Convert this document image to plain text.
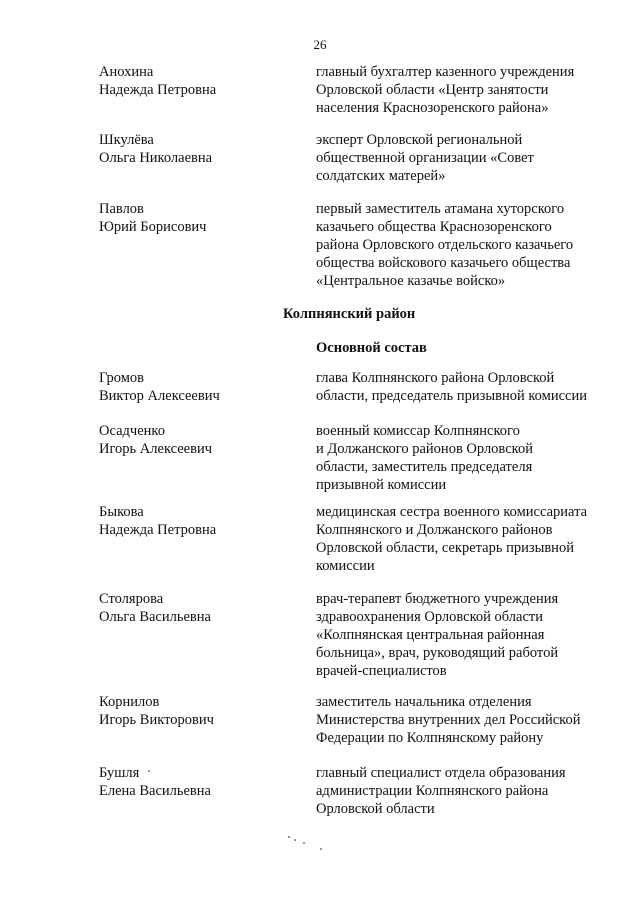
26
Анохина
Надежда Петровна
главный бухгалтер казенного учреждения
Орловской области «Центр занятости
населения Краснозоренского района»
Шкулёва
Ольга Николаевна
эксперт Орловской региональной
общественной организации «Совет
солдатских матерей»
Павлов
Юрий Борисович
первый заместитель атамана хуторского
казачьего общества Краснозоренского
района Орловского отдельского казачьего
общества войскового казачьего общества
«Центральное казачье войско»
Колпнянский район
Основной состав
Громов
Виктор Алексеевич
глава Колпнянского района Орловской
области, председатель призывной комиссии
Осадченко
Игорь Алексеевич
военный комиссар Колпнянского
и Должанского районов Орловской
области, заместитель председателя
призывной комиссии
Быкова
Надежда Петровна
медицинская сестра военного комиссариата
Колпнянского и Должанского районов
Орловской области, секретарь призывной
комиссии
Столярова
Ольга Васильевна
врач-терапевт бюджетного учреждения
здравоохранения Орловской области
«Колпнянская центральная районная
больница», врач, руководящий работой
врачей-специалистов
Корнилов
Игорь Викторович
заместитель начальника отделения
Министерства внутренних дел Российской
Федерации по Колпнянскому району
Бушля
Елена Васильевна
главный специалист отдела образования
администрации Колпнянского района
Орловской области
